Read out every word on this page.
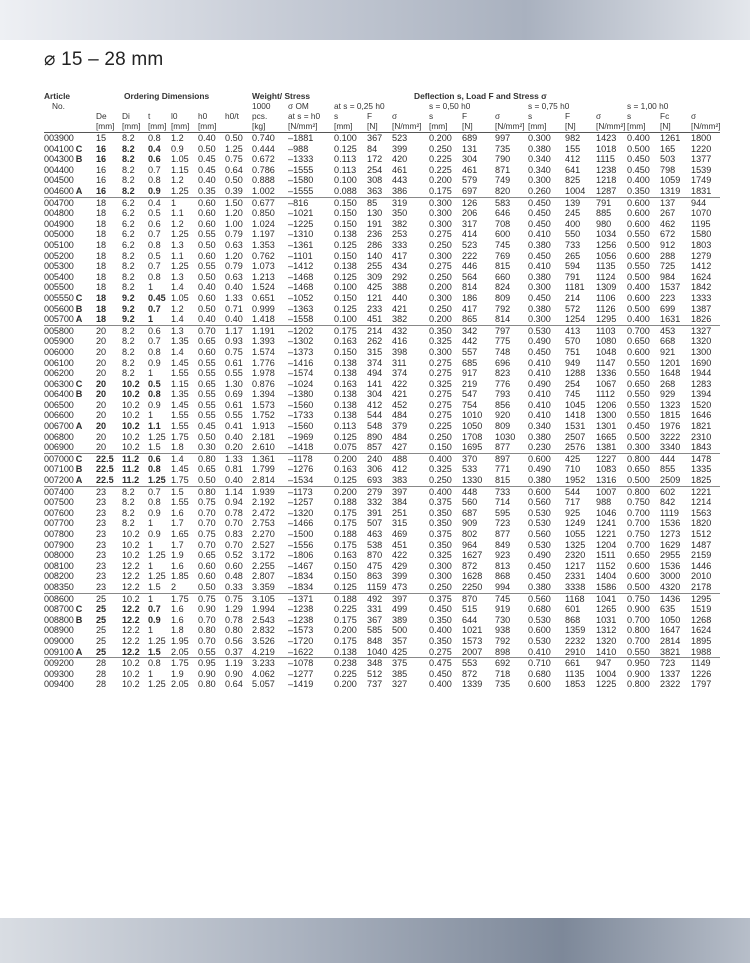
⌀ 15 – 28 mm
Article	Ordering Dimensions						Weight/ Stress				Deflection s, Load F and Stress σ									
No.							1000	σ OM	at s = 0,25 h0			s = 0,50 h0			s = 0,75 h0			s = 1,00 h0		
	De	Di	t	l0	h0	h0/t	pcs.	at s = h0	s	F	σ	s	F	σ	s	F	σ	s	Fc	σ
	[mm]	[mm]	[mm]	[mm]	[mm]		[kg]	[N/mm²]	[mm]	[N]	[N/mm²]	[mm]	[N]	[N/mm²]	[mm]	[N]	[N/mm²]	[mm]	[N]	[N/mm²]
003900	15	8.2	0.8	1.2	0.40	0.50	0.740	–1881	0.100	367	523	0.200	689	997	0.300	982	1423	0.400	1261	1800
004100 C	16	8.2	0.4	0.9	0.50	1.25	0.444	–988	0.125	84	399	0.250	131	735	0.380	155	1018	0.500	165	1220
004300 B	16	8.2	0.6	1.05	0.45	0.75	0.672	–1333	0.113	172	420	0.225	304	790	0.340	412	1115	0.450	503	1377
004400	16	8.2	0.7	1.15	0.45	0.64	0.786	–1555	0.113	254	461	0.225	461	871	0.340	641	1238	0.450	798	1539
004500	16	8.2	0.8	1.2	0.40	0.50	0.888	–1580	0.100	308	443	0.200	579	749	0.300	825	1218	0.400	1059	1749
004600 A	16	8.2	0.9	1.25	0.35	0.39	1.002	–1555	0.088	363	386	0.175	697	820	0.260	1004	1287	0.350	1319	1831
004700	18	6.2	0.4	1	0.60	1.50	0.677	–816	0.150	85	319	0.300	126	583	0.450	139	791	0.600	137	944
004800	18	6.2	0.5	1.1	0.60	1.20	0.850	–1021	0.150	130	350	0.300	206	646	0.450	245	885	0.600	267	1070
004900	18	6.2	0.6	1.2	0.60	1.00	1.024	–1225	0.150	191	382	0.300	317	708	0.450	400	980	0.600	462	1195
005000	18	6.2	0.7	1.25	0.55	0.79	1.197	–1310	0.138	236	253	0.275	414	600	0.410	550	1034	0.550	672	1580
005100	18	6.2	0.8	1.3	0.50	0.63	1.353	–1361	0.125	286	333	0.250	523	745	0.380	733	1256	0.500	912	1803
005200	18	8.2	0.5	1.1	0.60	1.20	0.762	–1101	0.150	140	417	0.300	222	769	0.450	265	1056	0.600	288	1279
005300	18	8.2	0.7	1.25	0.55	0.79	1.073	–1412	0.138	255	434	0.275	446	815	0.410	594	1135	0.550	725	1412
005400	18	8.2	0.8	1.3	0.50	0.63	1.213	–1468	0.125	309	292	0.250	564	660	0.380	791	1124	0.500	984	1624
005500	18	8.2	1	1.4	0.40	0.40	1.524	–1468	0.100	425	388	0.200	814	824	0.300	1181	1309	0.400	1537	1842
005550 C	18	9.2	0.45	1.05	0.60	1.33	0.651	–1052	0.150	121	440	0.300	186	809	0.450	214	1106	0.600	223	1333
005600 B	18	9.2	0.7	1.2	0.50	0.71	0.999	–1363	0.125	233	421	0.250	417	792	0.380	572	1126	0.500	699	1387
005700 A	18	9.2	1	1.4	0.40	0.40	1.418	–1558	0.100	451	382	0.200	865	814	0.300	1254	1295	0.400	1631	1826
005800	20	8.2	0.6	1.3	0.70	1.17	1.191	–1202	0.175	214	432	0.350	342	797	0.530	413	1103	0.700	453	1327
005900	20	8.2	0.7	1.35	0.65	0.93	1.393	–1302	0.163	262	416	0.325	442	775	0.490	570	1080	0.650	668	1320
006000	20	8.2	0.8	1.4	0.60	0.75	1.574	–1373	0.150	315	398	0.300	557	748	0.450	751	1048	0.600	921	1300
006100	20	8.2	0.9	1.45	0.55	0.61	1.776	–1416	0.138	374	311	0.275	685	696	0.410	949	1147	0.550	1201	1690
006200	20	8.2	1	1.55	0.55	0.55	1.978	–1574	0.138	494	374	0.275	917	823	0.410	1288	1336	0.550	1648	1944
006300 C	20	10.2	0.5	1.15	0.65	1.30	0.876	–1024	0.163	141	422	0.325	219	776	0.490	254	1067	0.650	268	1283
006400 B	20	10.2	0.8	1.35	0.55	0.69	1.394	–1380	0.138	304	421	0.275	547	793	0.410	745	1112	0.550	929	1394
006500	20	10.2	0.9	1.45	0.55	0.61	1.573	–1560	0.138	412	452	0.275	754	856	0.410	1045	1206	0.550	1323	1520
006600	20	10.2	1	1.55	0.55	0.55	1.752	–1733	0.138	544	484	0.275	1010	920	0.410	1418	1300	0.550	1815	1646
006700 A	20	10.2	1.1	1.55	0.45	0.41	1.913	–1560	0.113	548	379	0.225	1050	809	0.340	1531	1301	0.450	1976	1821
006800	20	10.2	1.25	1.75	0.50	0.40	2.181	–1969	0.125	890	484	0.250	1708	1030	0.380	2507	1665	0.500	3222	2310
006900	20	10.2	1.5	1.8	0.30	0.20	2.610	–1418	0.075	857	427	0.150	1695	877	0.230	2576	1381	0.300	3340	1843
007000 C	22.5	11.2	0.6	1.4	0.80	1.33	1.361	–1178	0.200	240	488	0.400	370	897	0.600	425	1227	0.800	444	1478
007100 B	22.5	11.2	0.8	1.45	0.65	0.81	1.799	–1276	0.163	306	412	0.325	533	771	0.490	710	1083	0.650	855	1335
007200 A	22.5	11.2	1.25	1.75	0.50	0.40	2.814	–1534	0.125	693	383	0.250	1330	815	0.380	1952	1316	0.500	2509	1825
007400	23	8.2	0.7	1.5	0.80	1.14	1.939	–1173	0.200	279	397	0.400	448	733	0.600	544	1007	0.800	602	1221
007500	23	8.2	0.8	1.55	0.75	0.94	2.192	–1257	0.188	332	384	0.375	560	714	0.560	717	988	0.750	842	1214
007600	23	8.2	0.9	1.6	0.70	0.78	2.472	–1320	0.175	391	251	0.350	687	595	0.530	925	1046	0.700	1119	1563
007700	23	8.2	1	1.7	0.70	0.70	2.753	–1466	0.175	507	315	0.350	909	723	0.530	1249	1241	0.700	1536	1820
007800	23	10.2	0.9	1.65	0.75	0.83	2.270	–1500	0.188	463	469	0.375	802	877	0.560	1055	1221	0.750	1273	1512
007900	23	10.2	1	1.7	0.70	0.70	2.527	–1556	0.175	538	451	0.350	964	849	0.530	1325	1204	0.700	1629	1487
008000	23	10.2	1.25	1.9	0.65	0.52	3.172	–1806	0.163	870	422	0.325	1627	923	0.490	2320	1511	0.650	2955	2159
008100	23	12.2	1	1.6	0.60	0.60	2.255	–1467	0.150	475	429	0.300	872	813	0.450	1217	1152	0.600	1536	1446
008200	23	12.2	1.25	1.85	0.60	0.48	2.807	–1834	0.150	863	399	0.300	1628	868	0.450	2331	1404	0.600	3000	2010
008350	23	12.2	1.5	2	0.50	0.33	3.359	–1834	0.125	1159	473	0.250	2250	994	0.380	3338	1586	0.500	4320	2178
008600	25	10.2	1	1.75	0.75	0.75	3.105	–1371	0.188	492	397	0.375	870	745	0.560	1168	1041	0.750	1436	1295
008700 C	25	12.2	0.7	1.6	0.90	1.29	1.994	–1238	0.225	331	499	0.450	515	919	0.680	601	1265	0.900	635	1519
008800 B	25	12.2	0.9	1.6	0.70	0.78	2.543	–1238	0.175	367	389	0.350	644	730	0.530	868	1031	0.700	1050	1268
008900	25	12.2	1	1.8	0.80	0.80	2.832	–1573	0.200	585	500	0.400	1021	938	0.600	1359	1312	0.800	1647	1624
009000	25	12.2	1.25	1.95	0.70	0.56	3.526	–1720	0.175	848	357	0.350	1573	792	0.530	2232	1320	0.700	2814	1895
009100 A	25	12.2	1.5	2.05	0.55	0.37	4.219	–1622	0.138	1040	425	0.275	2007	898	0.410	2910	1410	0.550	3821	1988
009200	28	10.2	0.8	1.75	0.95	1.19	3.233	–1078	0.238	348	375	0.475	553	692	0.710	661	947	0.950	723	1149
009300	28	10.2	1	1.9	0.90	0.90	4.062	–1277	0.225	512	385	0.450	872	718	0.680	1135	1004	0.900	1337	1226
009400	28	10.2	1.25	2.05	0.80	0.64	5.057	–1419	0.200	737	327	0.400	1339	735	0.600	1853	1225	0.800	2322	1797
